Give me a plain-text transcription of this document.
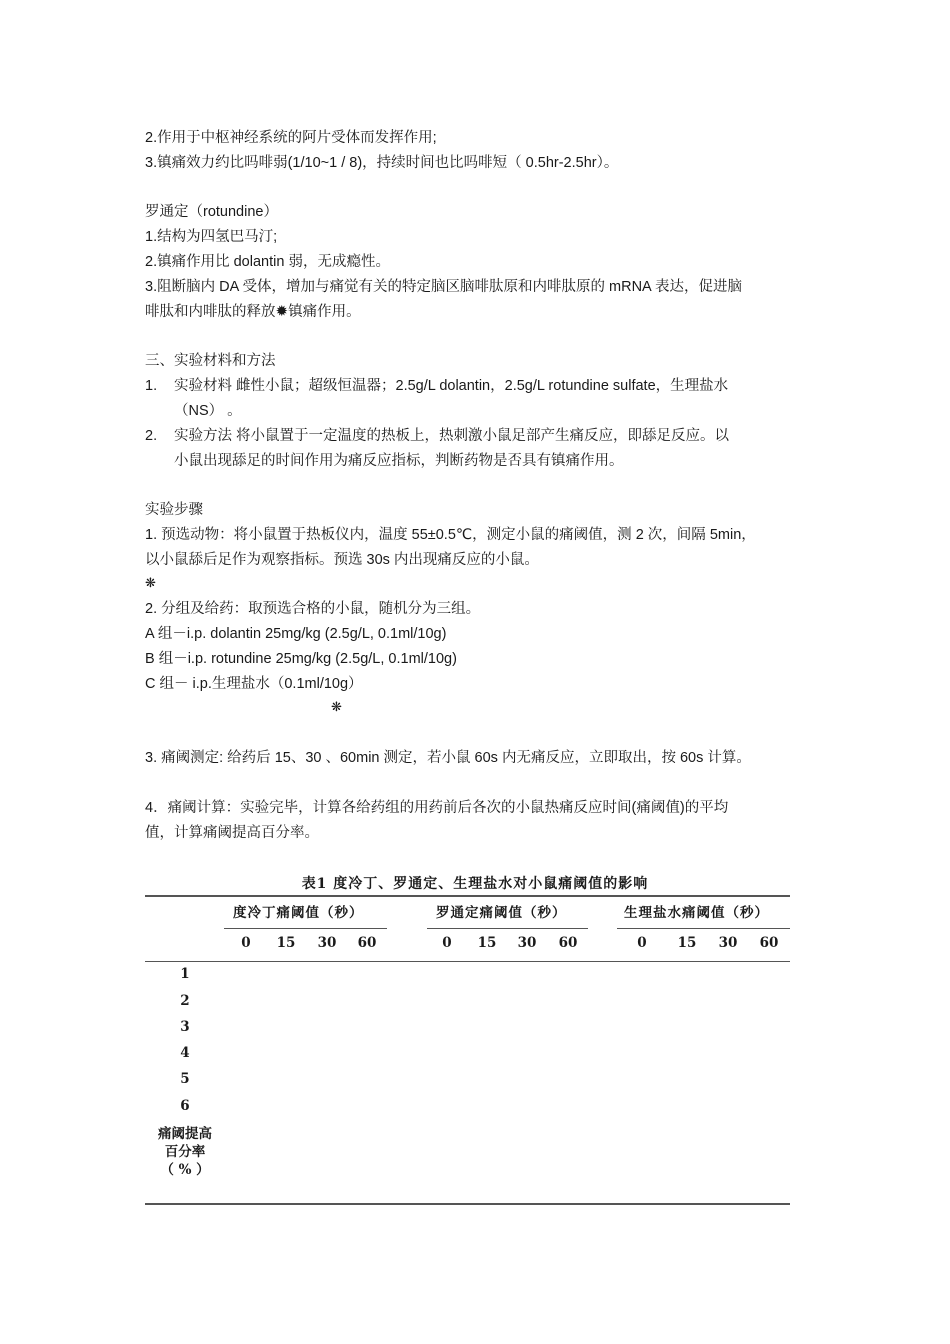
2.作用于中枢神经系统的阿片受体而发挥作用;
3.镇痛效力约比吗啡弱(1/10~1 / 8)，持续时间也比吗啡短（ 0.5hr-2.5hr）。
罗通定（rotundine）
1.结构为四氢巴马汀;
2.镇痛作用比 dolantin 弱，无成瘾性。
3.阻断脑内 DA 受体，增加与痛觉有关的特定脑区脑啡肽原和内啡肽原的 mRNA 表达，促进脑
啡肽和内啡肽的释放✹镇痛作用。
三、实验材料和方法
1. 实验材料 雌性小鼠；超级恒温器；2.5g/L dolantin，2.5g/L rotundine sulfate，生理盐水
（NS） 。
2. 实验方法 将小鼠置于一定温度的热板上，热刺激小鼠足部产生痛反应，即舔足反应。以
小鼠出现舔足的时间作用为痛反应指标，判断药物是否具有镇痛作用。
实验步骤
1. 预选动物：将小鼠置于热板仪内，温度 55±0.5℃，测定小鼠的痛阈值，测 2 次，间隔 5min，
以小鼠舔后足作为观察指标。预选 30s 内出现痛反应的小鼠。
❋
2. 分组及给药：取预选合格的小鼠，随机分为三组。
A 组－i.p. dolantin 25mg/kg (2.5g/L, 0.1ml/10g)
B 组－i.p. rotundine 25mg/kg (2.5g/L, 0.1ml/10g)
C 组－ i.p.生理盐水（0.1ml/10g）
❋
3. 痛阈测定: 给药后 15、30 、60min 测定，若小鼠 60s 内无痛反应，立即取出，按 60s 计算。
4．痛阈计算：实验完毕，计算各给药组的用药前后各次的小鼠热痛反应时间(痛阈值)的平均
值，计算痛阈提高百分率。
表1 度冷丁、罗通定、生理盐水对小鼠痛阈值的影响
度冷丁痛阈值（秒）	罗通定痛阈值（秒）	生理盐水痛阈值（秒）
0	15	30	60	0	15	30	60	0	15	30	60
1
2
3
4
5
6
痛阈提高
百分率
（ % ）
